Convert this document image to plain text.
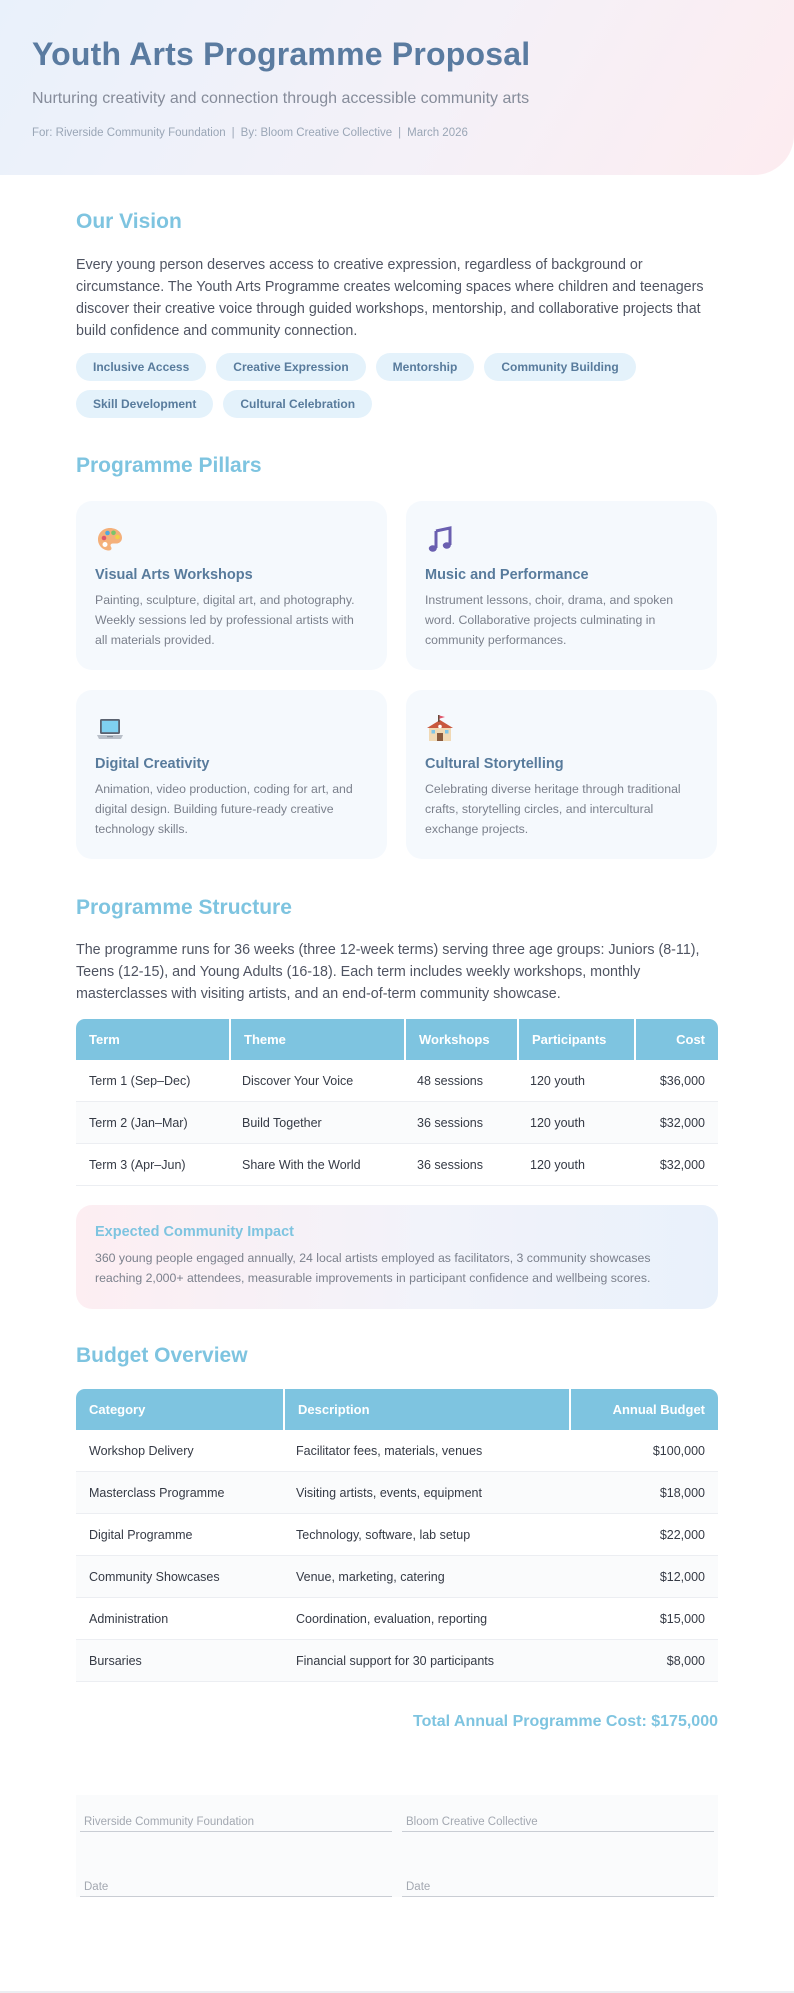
Youth Arts Programme Proposal
Nurturing creativity and connection through accessible community arts
For: Riverside Community Foundation | By: Bloom Creative Collective | March 2026
Our Vision
Every young person deserves access to creative expression, regardless of background or circumstance. The Youth Arts Programme creates welcoming spaces where children and teenagers discover their creative voice through guided workshops, mentorship, and collaborative projects that build confidence and community connection.
Inclusive Access	Creative Expression	Mentorship	Community Building
Skill Development	Cultural Celebration
Programme Pillars
Visual Arts Workshops

Painting, sculpture, digital art, and photography. Weekly sessions led by professional artists with all materials provided.

Music and Performance

Instrument lessons, choir, drama, and spoken word. Collaborative projects culminating in community performances.

Digital Creativity

Animation, video production, coding for art, and digital design. Building future-ready creative technology skills.

Cultural Storytelling

Celebrating diverse heritage through traditional crafts, storytelling circles, and intercultural exchange projects.

Programme Structure
The programme runs for 36 weeks (three 12-week terms) serving three age groups: Juniors (8-11), Teens (12-15), and Young Adults (16-18). Each term includes weekly workshops, monthly masterclasses with visiting artists, and an end-of-term community showcase.
Term	Theme	Workshops	Participants	Cost
Term 1 (Sep–Dec)	Discover Your Voice	48 sessions	120 youth	$36,000
Term 2 (Jan–Mar)	Build Together	36 sessions	120 youth	$32,000
Term 3 (Apr–Jun)	Share With the World	36 sessions	120 youth	$32,000
Expected Community Impact

360 young people engaged annually, 24 local artists employed as facilitators, 3 community showcases reaching 2,000+ attendees, measurable improvements in participant confidence and wellbeing scores.

Budget Overview
Category	Description	Annual Budget
Workshop Delivery	Facilitator fees, materials, venues	$100,000
Masterclass Programme	Visiting artists, events, equipment	$18,000
Digital Programme	Technology, software, lab setup	$22,000
Community Showcases	Venue, marketing, catering	$12,000
Administration	Coordination, evaluation, reporting	$15,000
Bursaries	Financial support for 30 participants	$8,000
Total Annual Programme Cost: $175,000
Riverside Community Foundation	Bloom Creative Collective
Date	Date
